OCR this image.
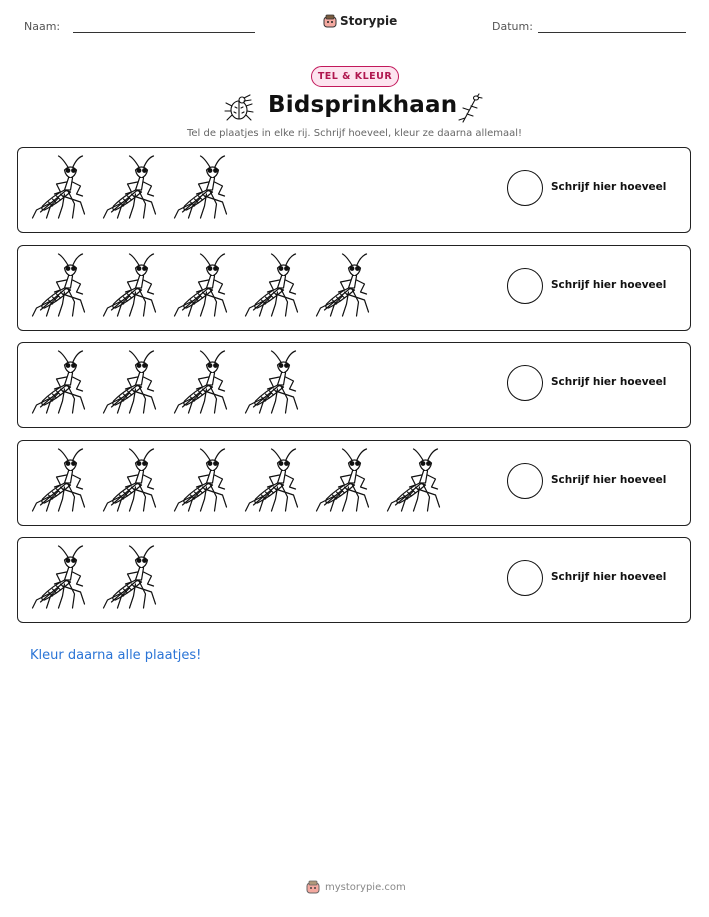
Naam:	Storypie	Datum:
TEL & KLEUR
Bidsprinkhaan
Tel de plaatjes in elke rij. Schrijf hoeveel, kleur ze daarna allemaal!
Schrijf hier hoeveel
Schrijf hier hoeveel
Schrijf hier hoeveel
Schrijf hier hoeveel
Schrijf hier hoeveel
Kleur daarna alle plaatjes!
mystorypie.com
